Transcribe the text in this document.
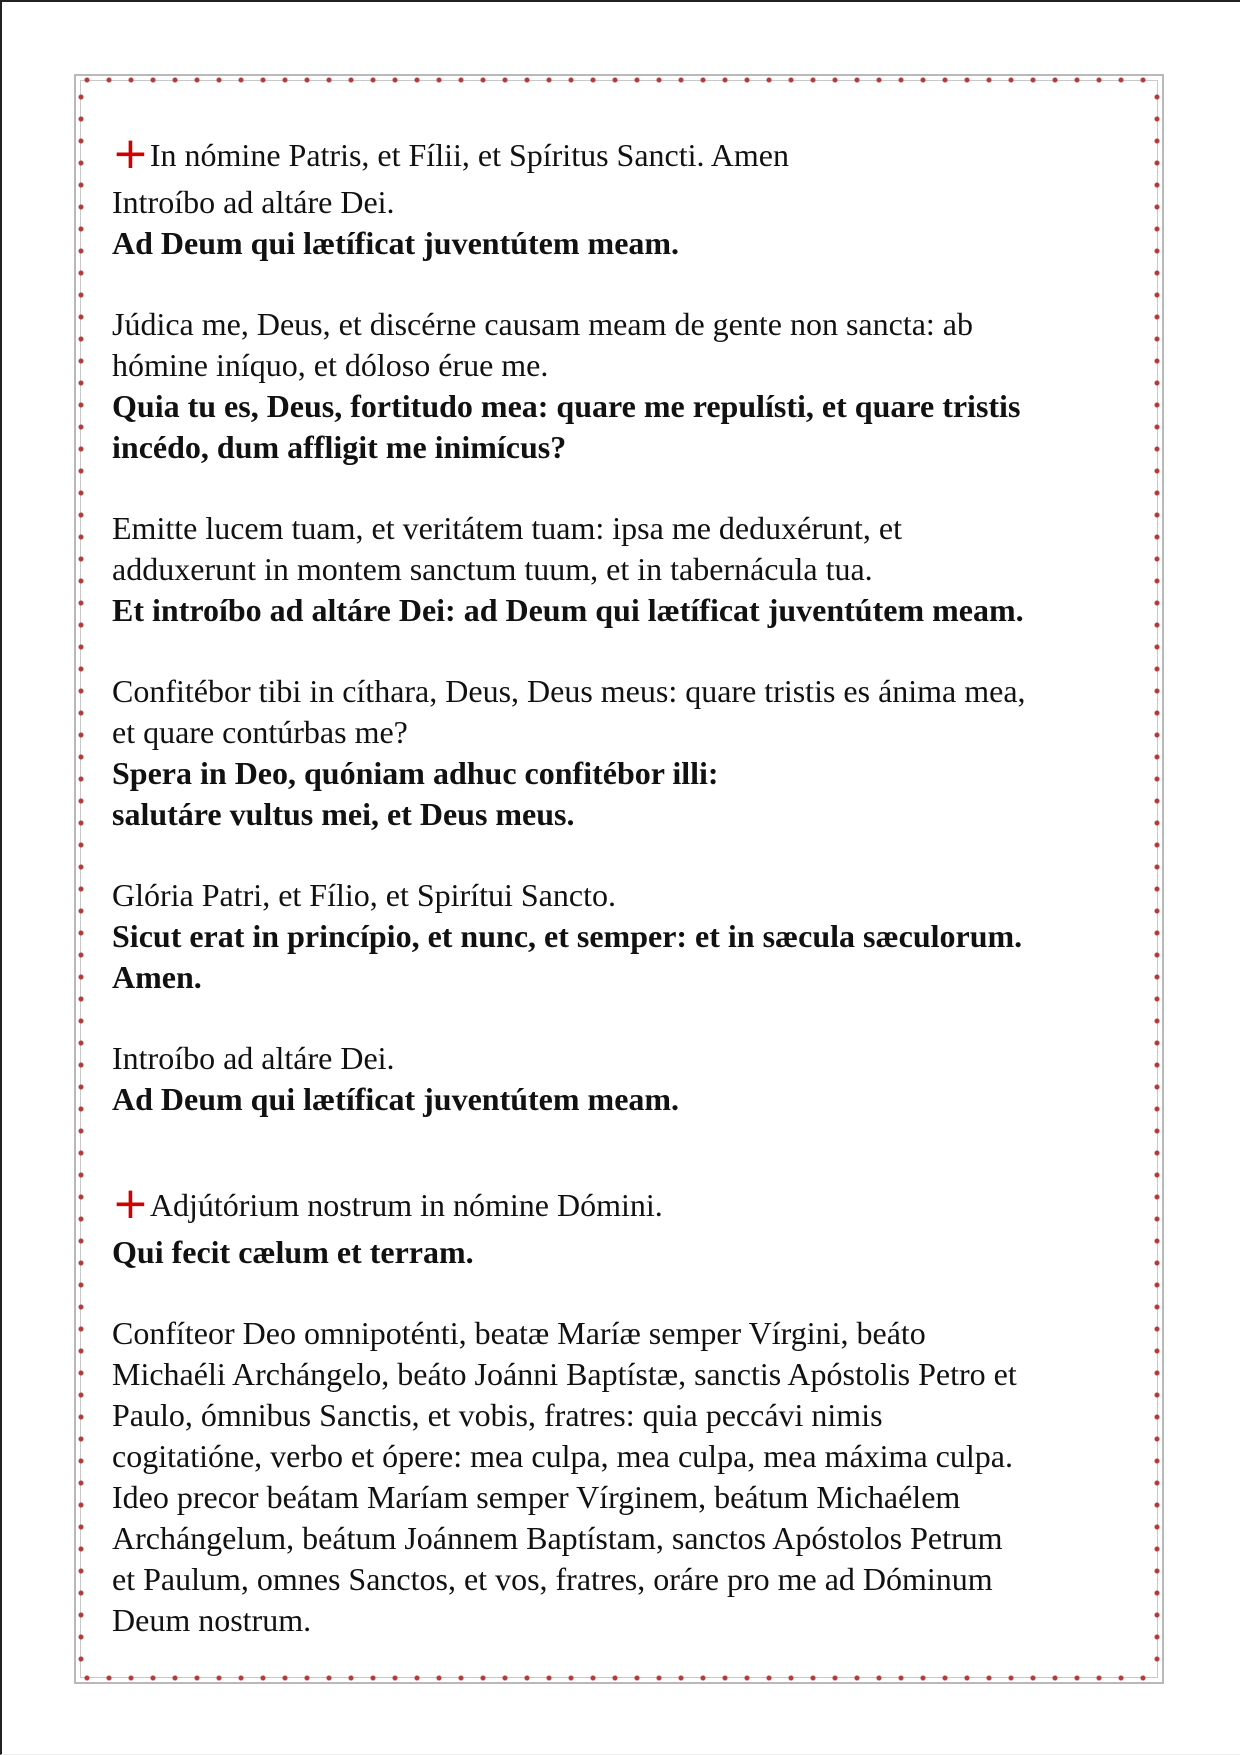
+In nómine Patris, et Fílii, et Spíritus Sancti. Amen
Introíbo ad altáre Dei.
Ad Deum qui lætíficat juventútem meam.
Júdica me, Deus, et discérne causam meam de gente non sancta: ab
hómine iníquo, et dóloso érue me.
Quia tu es, Deus, fortitudo mea: quare me repulísti, et quare tristis
incédo, dum affligit me inimícus?
Emitte lucem tuam, et veritátem tuam: ipsa me deduxérunt, et
adduxerunt in montem sanctum tuum, et in tabernácula tua.
Et introíbo ad altáre Dei: ad Deum qui lætíficat juventútem meam.
Confitébor tibi in cíthara, Deus, Deus meus: quare tristis es ánima mea,
et quare contúrbas me?
Spera in Deo, quóniam adhuc confitébor illi:
salutáre vultus mei, et Deus meus.
Glória Patri, et Fílio, et Spirítui Sancto.
Sicut erat in princípio, et nunc, et semper: et in sæcula sæculorum.
Amen.
Introíbo ad altáre Dei.
Ad Deum qui lætíficat juventútem meam.
+Adjútórium nostrum in nómine Dómini.
Qui fecit cælum et terram.
Confíteor Deo omnipoténti, beatæ Maríæ semper Vírgini, beáto
Michaéli Archángelo, beáto Joánni Baptístæ, sanctis Apóstolis Petro et
Paulo, ómnibus Sanctis, et vobis, fratres: quia peccávi nimis
cogitatióne, verbo et ópere: mea culpa, mea culpa, mea máxima culpa.
Ideo precor beátam Maríam semper Vírginem, beátum Michaélem
Archángelum, beátum Joánnem Baptístam, sanctos Apóstolos Petrum
et Paulum, omnes Sanctos, et vos, fratres, oráre pro me ad Dóminum
Deum nostrum.
